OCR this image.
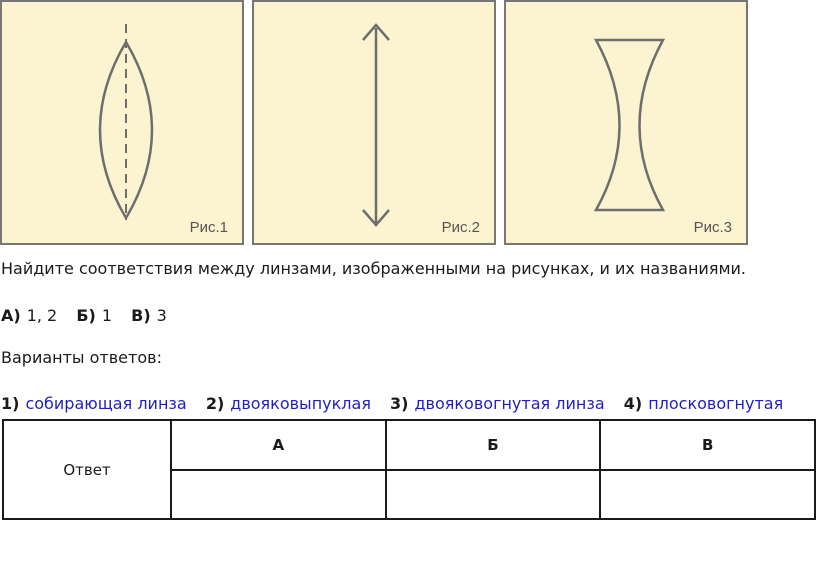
Рис.1	Рис.2	Рис.3
Найдите соответствия между линзами, изображенными на рисунках, и их названиями.
А) 1, 2 Б) 1 В) 3
Варианты ответов:
1) собирающая линза 2) двояковыпуклая 3) двояковогнутая линза 4) плосковогнутая
Ответ	А	Б	В
